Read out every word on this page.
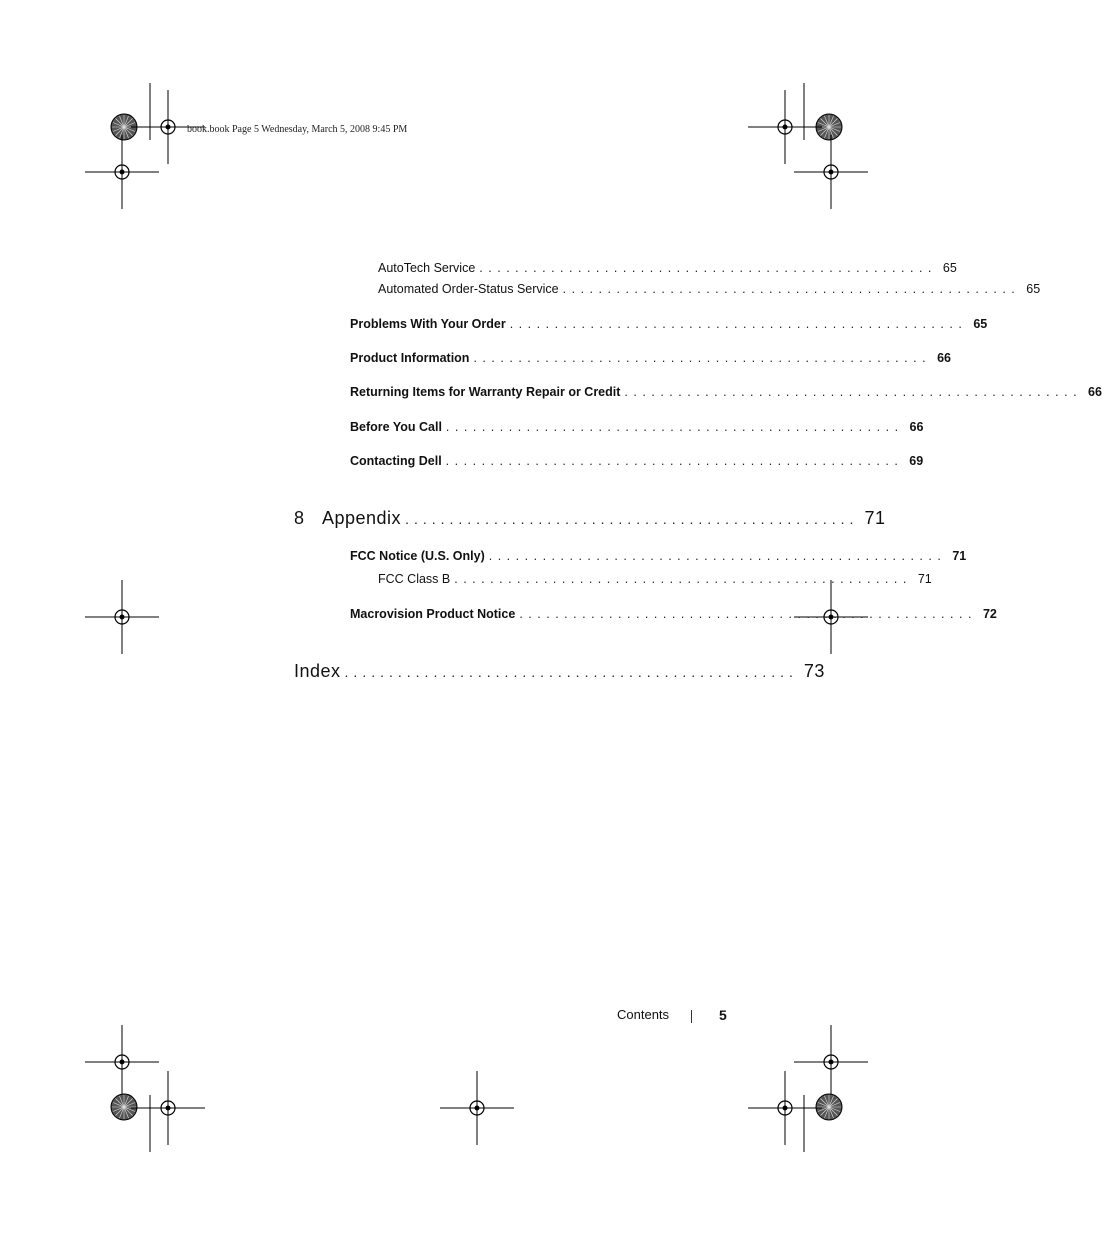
book.book Page 5 Wednesday, March 5, 2008 9:45 PM
AutoTech Service ................................................... 65
Automated Order-Status Service ................................................... 65
Problems With Your Order ................................................... 65
Product Information ................................................... 66
Returning Items for Warranty Repair or Credit ................................................... 66
Before You Call ................................................... 66
Contacting Dell ................................................... 69
8 Appendix ................................................... 71
FCC Notice (U.S. Only) ................................................... 71
FCC Class B ................................................... 71
Macrovision Product Notice ................................................... 72
Index ................................................... 73
Contents	5
